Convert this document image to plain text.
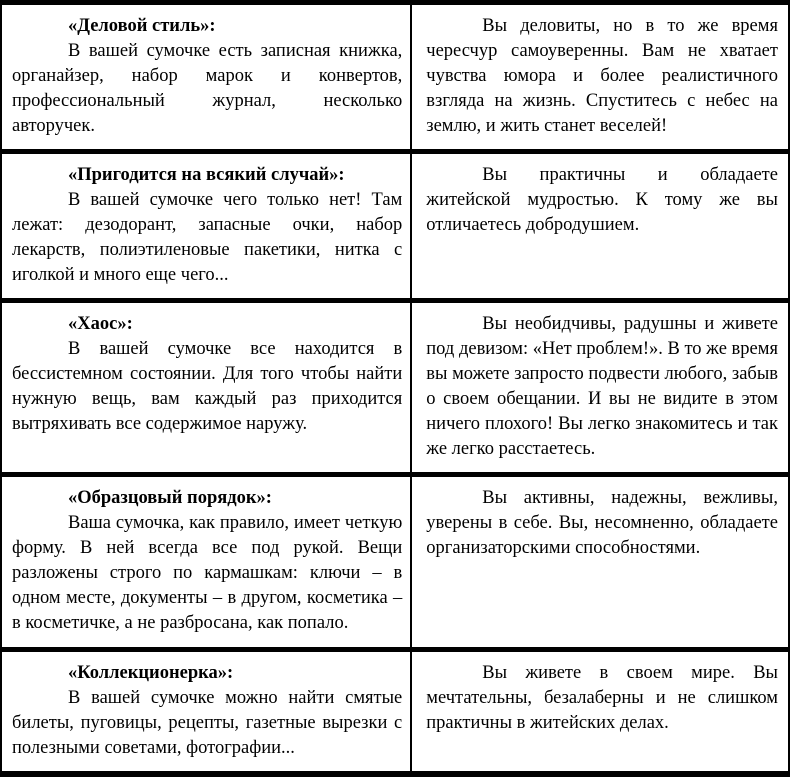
«Деловой стиль»:

В вашей сумочке есть записная книжка, органайзер, набор марок и конвертов, профессиональный журнал, несколько авторучек.

Вы деловиты, но в то же время чересчур самоуверенны. Вам не хватает чувства юмора и более реалистичного взгляда на жизнь. Спуститесь с небес на землю, и жить станет веселей!

«Пригодится на всякий случай»:

В вашей сумочке чего только нет! Там лежат: дезодорант, запасные очки, набор лекарств, полиэтиленовые пакетики, нитка с иголкой и много еще чего...

Вы практичны и обладаете житейской мудростью. К тому же вы отличаетесь добродушием.

«Хаос»:

В вашей сумочке все находится в бессистемном состоянии. Для того чтобы найти нужную вещь, вам каждый раз приходится вытряхивать все содержимое наружу.

Вы необидчивы, радушны и живете под девизом: «Нет проблем!». В то же время вы можете запросто подвести любого, забыв о своем обещании. И вы не видите в этом ничего плохого! Вы легко знакомитесь и так же легко расстаетесь.

«Образцовый порядок»:

Ваша сумочка, как правило, имеет четкую форму. В ней всегда все под рукой. Вещи разложены строго по кармашкам: ключи – в одном месте, документы – в другом, косметика – в косметичке, а не разбросана, как попало.

Вы активны, надежны, вежливы, уверены в себе. Вы, несомненно, обладаете организаторскими способностями.

«Коллекционерка»:

В вашей сумочке можно найти смятые билеты, пуговицы, рецепты, газетные вырезки с полезными советами, фотографии...

Вы живете в своем мире. Вы мечтательны, безалаберны и не слишком практичны в житейских делах.
